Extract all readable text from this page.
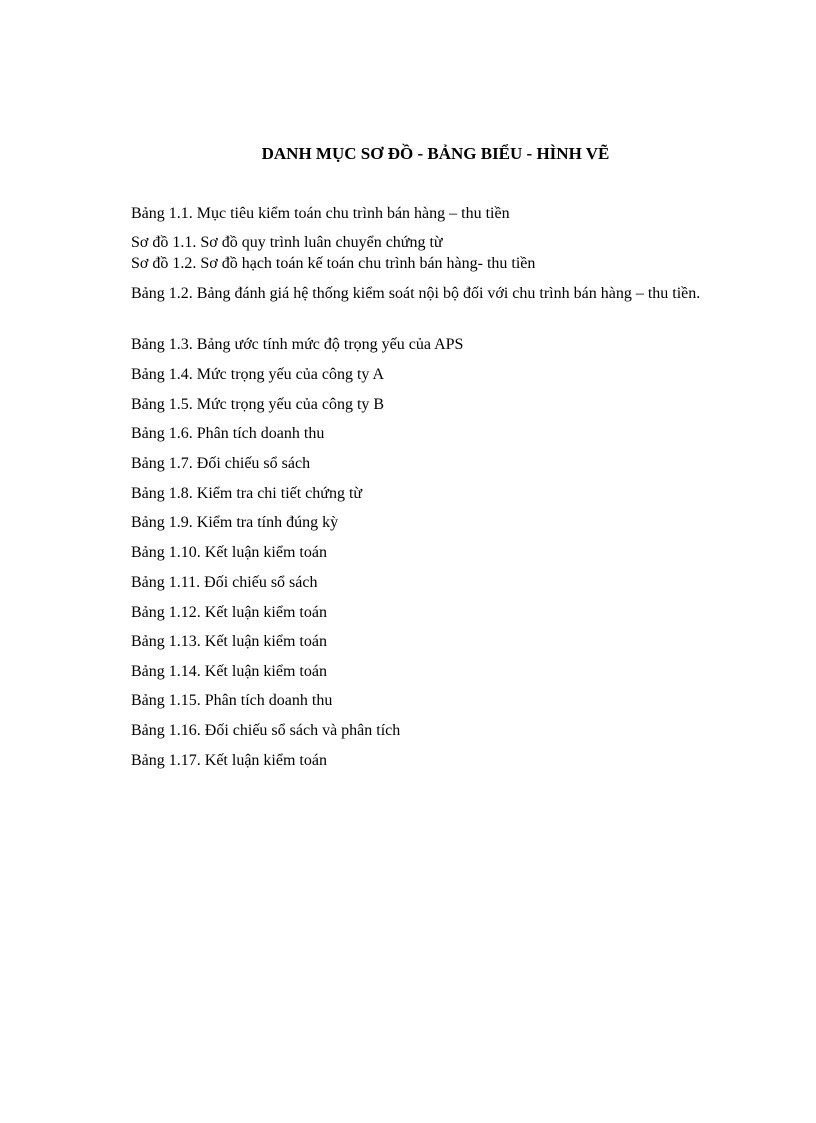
DANH MỤC SƠ ĐỒ - BẢNG BIỂU - HÌNH VẼ
Bảng 1.1. Mục tiêu kiểm toán chu trình bán hàng – thu tiền
Sơ đồ 1.1. Sơ đồ quy trình luân chuyển chứng từ
Sơ đồ 1.2. Sơ đồ hạch toán kế toán chu trình bán hàng- thu tiền
Bảng 1.2. Bảng đánh giá hệ thống kiểm soát nội bộ đối với chu trình bán hàng – thu tiền.
Bảng 1.3. Bảng ước tính mức độ trọng yếu của APS
Bảng 1.4. Mức trọng yếu của công ty A
Bảng 1.5. Mức trọng yếu của công ty B
Bảng 1.6. Phân tích doanh thu
Bảng 1.7. Đối chiếu sổ sách
Bảng 1.8. Kiểm tra chi tiết chứng từ
Bảng 1.9. Kiểm tra tính đúng kỳ
Bảng 1.10. Kết luận kiểm toán
Bảng 1.11. Đối chiếu sổ sách
Bảng 1.12. Kết luận kiểm toán
Bảng 1.13. Kết luận kiểm toán
Bảng 1.14. Kết luận kiểm toán
Bảng 1.15. Phân tích doanh thu
Bảng 1.16. Đối chiếu sổ sách và phân tích
Bảng 1.17. Kết luận kiểm toán
